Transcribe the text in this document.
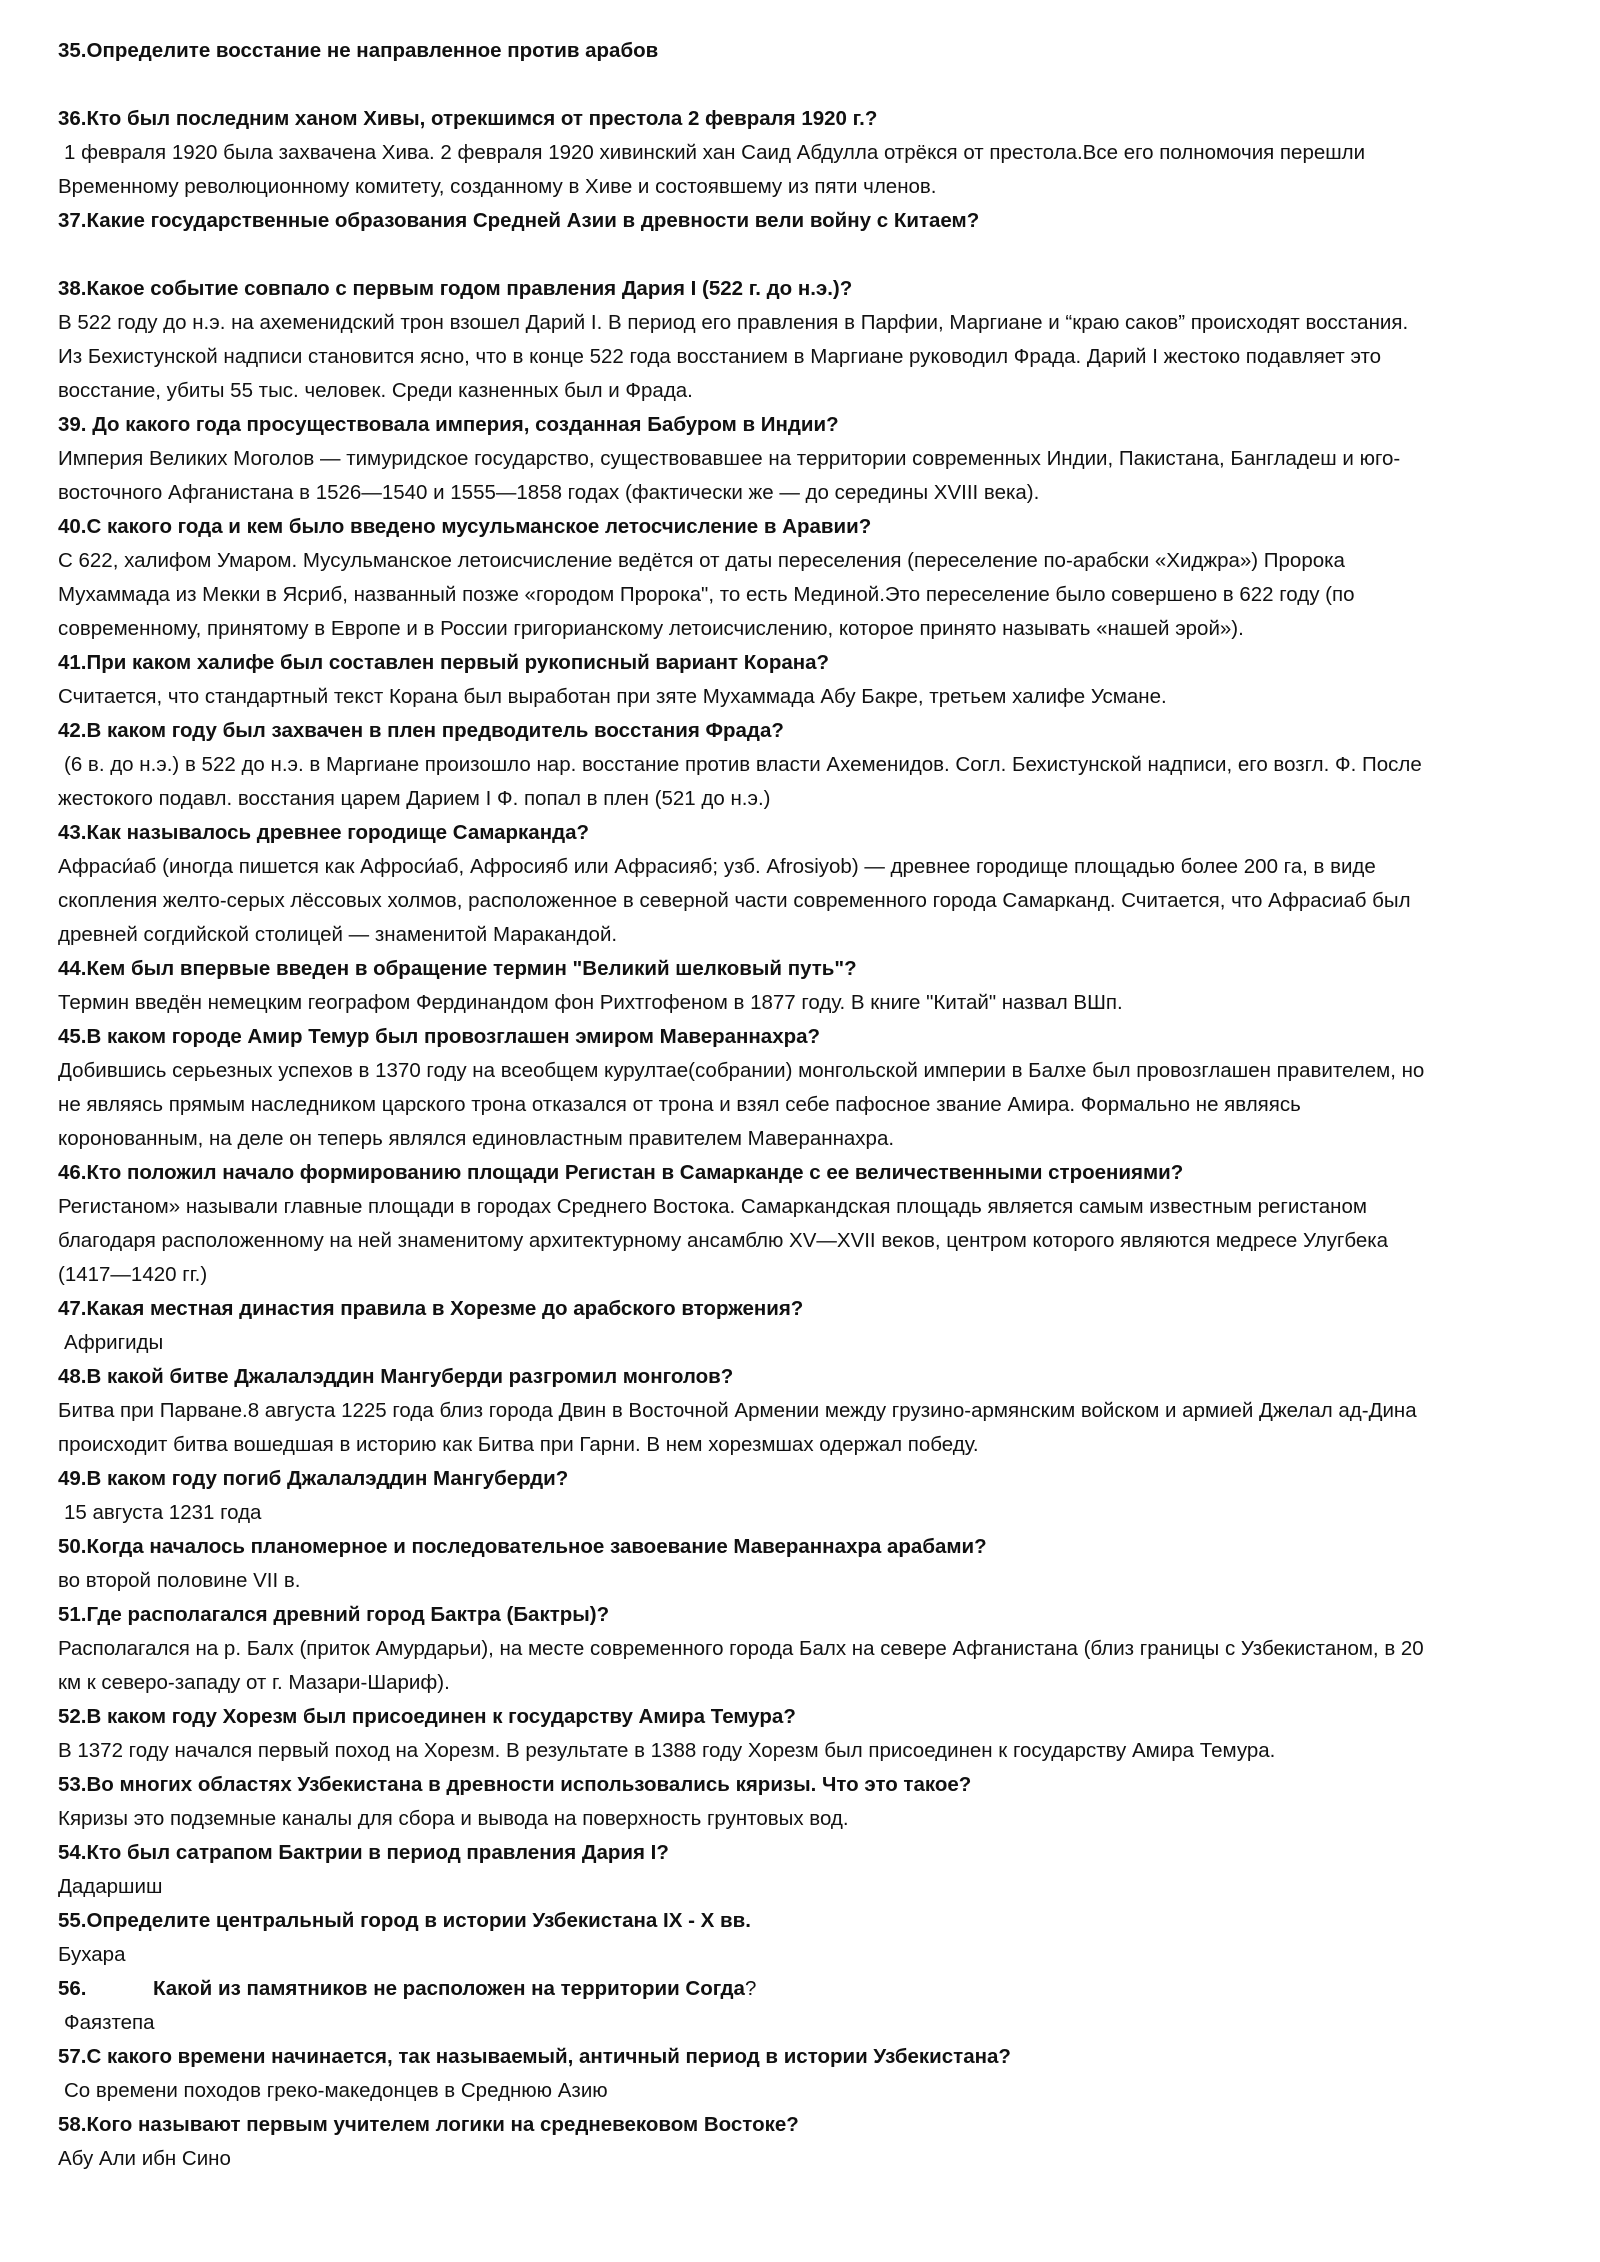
35.Определите восстание не направленное против арабов
36.Кто был последним ханом Хивы, отрекшимся от престола 2 февраля 1920 г.?
1 февраля 1920 была захвачена Хива. 2 февраля 1920 хивинский хан Саид Абдулла отрёкся от престола.Все его полномочия перешли
Временному революционному комитету, созданному в Хиве и состоявшему из пяти членов.
37.Какие государственные образования Средней Азии в древности вели войну с Китаем?
38.Какое событие совпало с первым годом правления Дария I (522 г. до н.э.)?
В 522 году до н.э. на ахеменидский трон взошел Дарий I. В период его правления в Парфии, Маргиане и “краю саков” происходят восстания.
Из Бехистунской надписи становится ясно, что в конце 522 года восстанием в Маргиане руководил Фрада. Дарий I жестоко подавляет это
восстание, убиты 55 тыс. человек. Среди казненных был и Фрада.
39. До какого года просуществовала империя, созданная Бабуром в Индии?
Империя Великих Моголов — тимуридское государство, существовавшее на территории современных Индии, Пакистана, Бангладеш и юго-
восточного Афганистана в 1526—1540 и 1555—1858 годах (фактически же — до середины XVIII века).
40.С какого года и кем было введено мусульманское летосчисление в Аравии?
С 622, халифом Умаром. Мусульманское летоисчисление ведётся от даты переселения (переселение по-арабски «Хиджра») Пророка
Мухаммада из Мекки в Ясриб, названный позже «городом Пророка", то есть Мединой.Это переселение было совершено в 622 году (по
современному, принятому в Европе и в России григорианскому летоисчислению, которое принято называть «нашей эрой»).
41.При каком халифе был составлен первый рукописный вариант Корана?
Считается, что стандартный текст Корана был выработан при зяте Мухаммада Абу Бакре, третьем халифе Усмане.
42.В каком году был захвачен в плен предводитель восстания Фрада?
(6 в. до н.э.) в 522 до н.э. в Маргиане произошло нар. восстание против власти Ахеменидов. Согл. Бехистунской надписи, его возгл. Ф. После
жестокого подавл. восстания царем Дарием I Ф. попал в плен (521 до н.э.)
43.Как называлось древнее городище Самарканда?
Афраси́аб (иногда пишется как Афроси́аб, Афросияб или Афрасияб; узб. Afrosiyob) — древнее городище площадью более 200 га, в виде
скопления желто-серых лёссовых холмов, расположенное в северной части современного города Самарканд. Считается, что Афрасиаб был
древней согдийской столицей — знаменитой Маракандой.
44.Кем был впервые введен в обращение термин "Великий шелковый путь"?
Термин введён немецким географом Фердинандом фон Рихтгофеном в 1877 году. В книге "Китай" назвал ВШп.
45.В каком городе Амир Темур был провозглашен эмиром Мавераннахра?
Добившись серьезных успехов в 1370 году на всеобщем курултае(собрании) монгольской империи в Балхе был провозглашен правителем, но
не являясь прямым наследником царского трона отказался от трона и взял себе пафосное звание Амира. Формально не являясь
коронованным, на деле он теперь являлся единовластным правителем Мавераннахра.
46.Кто положил начало формированию площади Регистан в Самарканде с ее величественными строениями?
Регистаном» называли главные площади в городах Среднего Востока. Самаркандская площадь является самым известным регистаном
благодаря расположенному на ней знаменитому архитектурному ансамблю XV—XVII веков, центром которого являются медресе Улугбека
(1417—1420 гг.)
47.Какая местная династия правила в Хорезме до арабского вторжения?
Афригиды
48.В какой битве Джалалэддин Мангуберди разгромил монголов?
Битва при Парване.8 августа 1225 года близ города Двин в Восточной Армении между грузино-армянским войском и армией Джелал ад-Дина
происходит битва вошедшая в историю как Битва при Гарни. В нем хорезмшах одержал победу.
49.В каком году погиб Джалалэддин Мангуберди?
15 августа 1231 года
50.Когда началось планомерное и последовательное завоевание Мавераннахра арабами?
во второй половине VII в.
51.Где располагался древний город Бактра (Бактры)?
Располагался на р. Балх (приток Амурдарьи), на месте современного города Балх на севере Афганистана (близ границы с Узбекистаном, в 20
км к северо-западу от г. Мазари-Шариф).
52.В каком году Хорезм был присоединен к государству Амира Темура?
В 1372 году начался первый поход на Хорезм. В результате в 1388 году Хорезм был присоединен к государству Амира Темура.
53.Во многих областях Узбекистана в древности использовались кяризы. Что это такое?
Кяризы это подземные каналы для сбора и вывода на поверхность грунтовых вод.
54.Кто был сатрапом Бактрии в период правления Дария I?
Дадаршиш
55.Определите центральный город в истории Узбекистана IX - X вв.
Бухара
56.	Какой из памятников не расположен на территории Согда?
Фаязтепа
57.С какого времени начинается, так называемый, античный период в истории Узбекистана?
Со времени походов греко-македонцев в Среднюю Азию
58.Кого называют первым учителем логики на средневековом Востоке?
Абу Али ибн Сино
